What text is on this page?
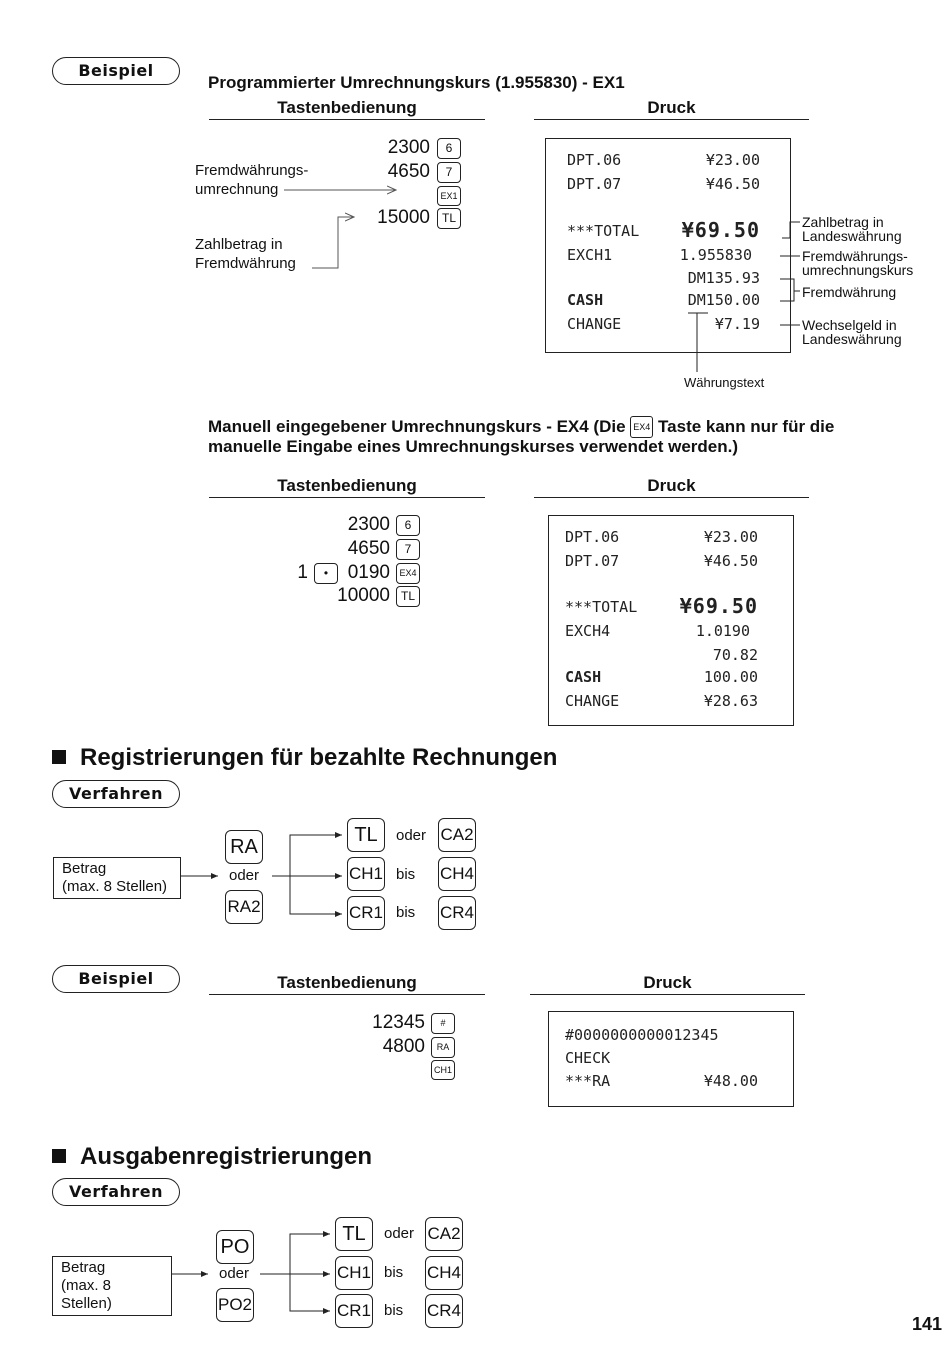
Beispiel
Programmierter Umrechnungskurs (1.955830) - EX1
Tastenbedienung	Druck
2300	6
4650	7
EX1
15000 TL
Fremdwährungs-
umrechnung
Zahlbetrag in
Fremdwährung
DPT.06	¥23.00
DPT.07	¥46.50
***TOTAL	¥69.50
EXCH1	1.955830
DM135.93
CASH	DM150.00
CHANGE	¥7.19
Zahlbetrag in
Landeswährung
Fremdwährungs-
umrechnungskurs
Fremdwährung
Wechselgeld in
Landeswährung
Währungstext
Manuell eingegebener Umrechnungskurs - EX4 (Die EX4 Taste kann nur für die
manuelle Eingabe eines Umrechnungskurses verwendet werden.)
Tastenbedienung	Druck
2300	6
4650	7
1	•	0190	EX4
10000 TL
DPT.06	¥23.00
DPT.07	¥46.50
***TOTAL	¥69.50
EXCH4	1.0190
70.82
CASH	100.00
CHANGE	¥28.63
Registrierungen für bezahlte Rechnungen
Verfahren
Betrag
(max. 8 Stellen)
RA
oder
RA2
TL	oder CA2
CH1 bis CH4
CR1 bis CR4
Beispiel	Tastenbedienung	Druck
12345	#
4800	RA
CH1
#0000000000012345
CHECK
***RA	¥48.00
Ausgabenregistrierungen
Verfahren
Betrag
(max. 8 Stellen)
PO
oder
PO2
TL	oder CA2
CH1 bis CH4
CR1 bis CR4
141
